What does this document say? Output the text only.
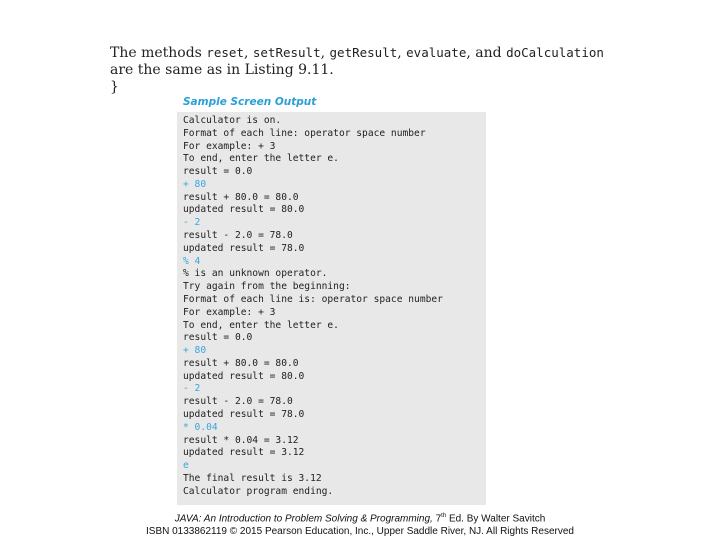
The methods reset, setResult, getResult, evaluate, and doCalculation
are the same as in Listing 9.11.
}
Sample Screen Output
Calculator is on.
Format of each line: operator space number
For example: + 3
To end, enter the letter e.
result = 0.0
+ 80
result + 80.0 = 80.0
updated result = 80.0
- 2
result - 2.0 = 78.0
updated result = 78.0
% 4
% is an unknown operator.
Try again from the beginning:
Format of each line is: operator space number
For example: + 3
To end, enter the letter e.
result = 0.0
+ 80
result + 80.0 = 80.0
updated result = 80.0
- 2
result - 2.0 = 78.0
updated result = 78.0
* 0.04
result * 0.04 = 3.12
updated result = 3.12
e
The final result is 3.12
Calculator program ending.
JAVA: An Introduction to Problem Solving & Programming, 7th Ed. By Walter Savitch
ISBN 0133862119 © 2015 Pearson Education, Inc., Upper Saddle River, NJ. All Rights Reserved
